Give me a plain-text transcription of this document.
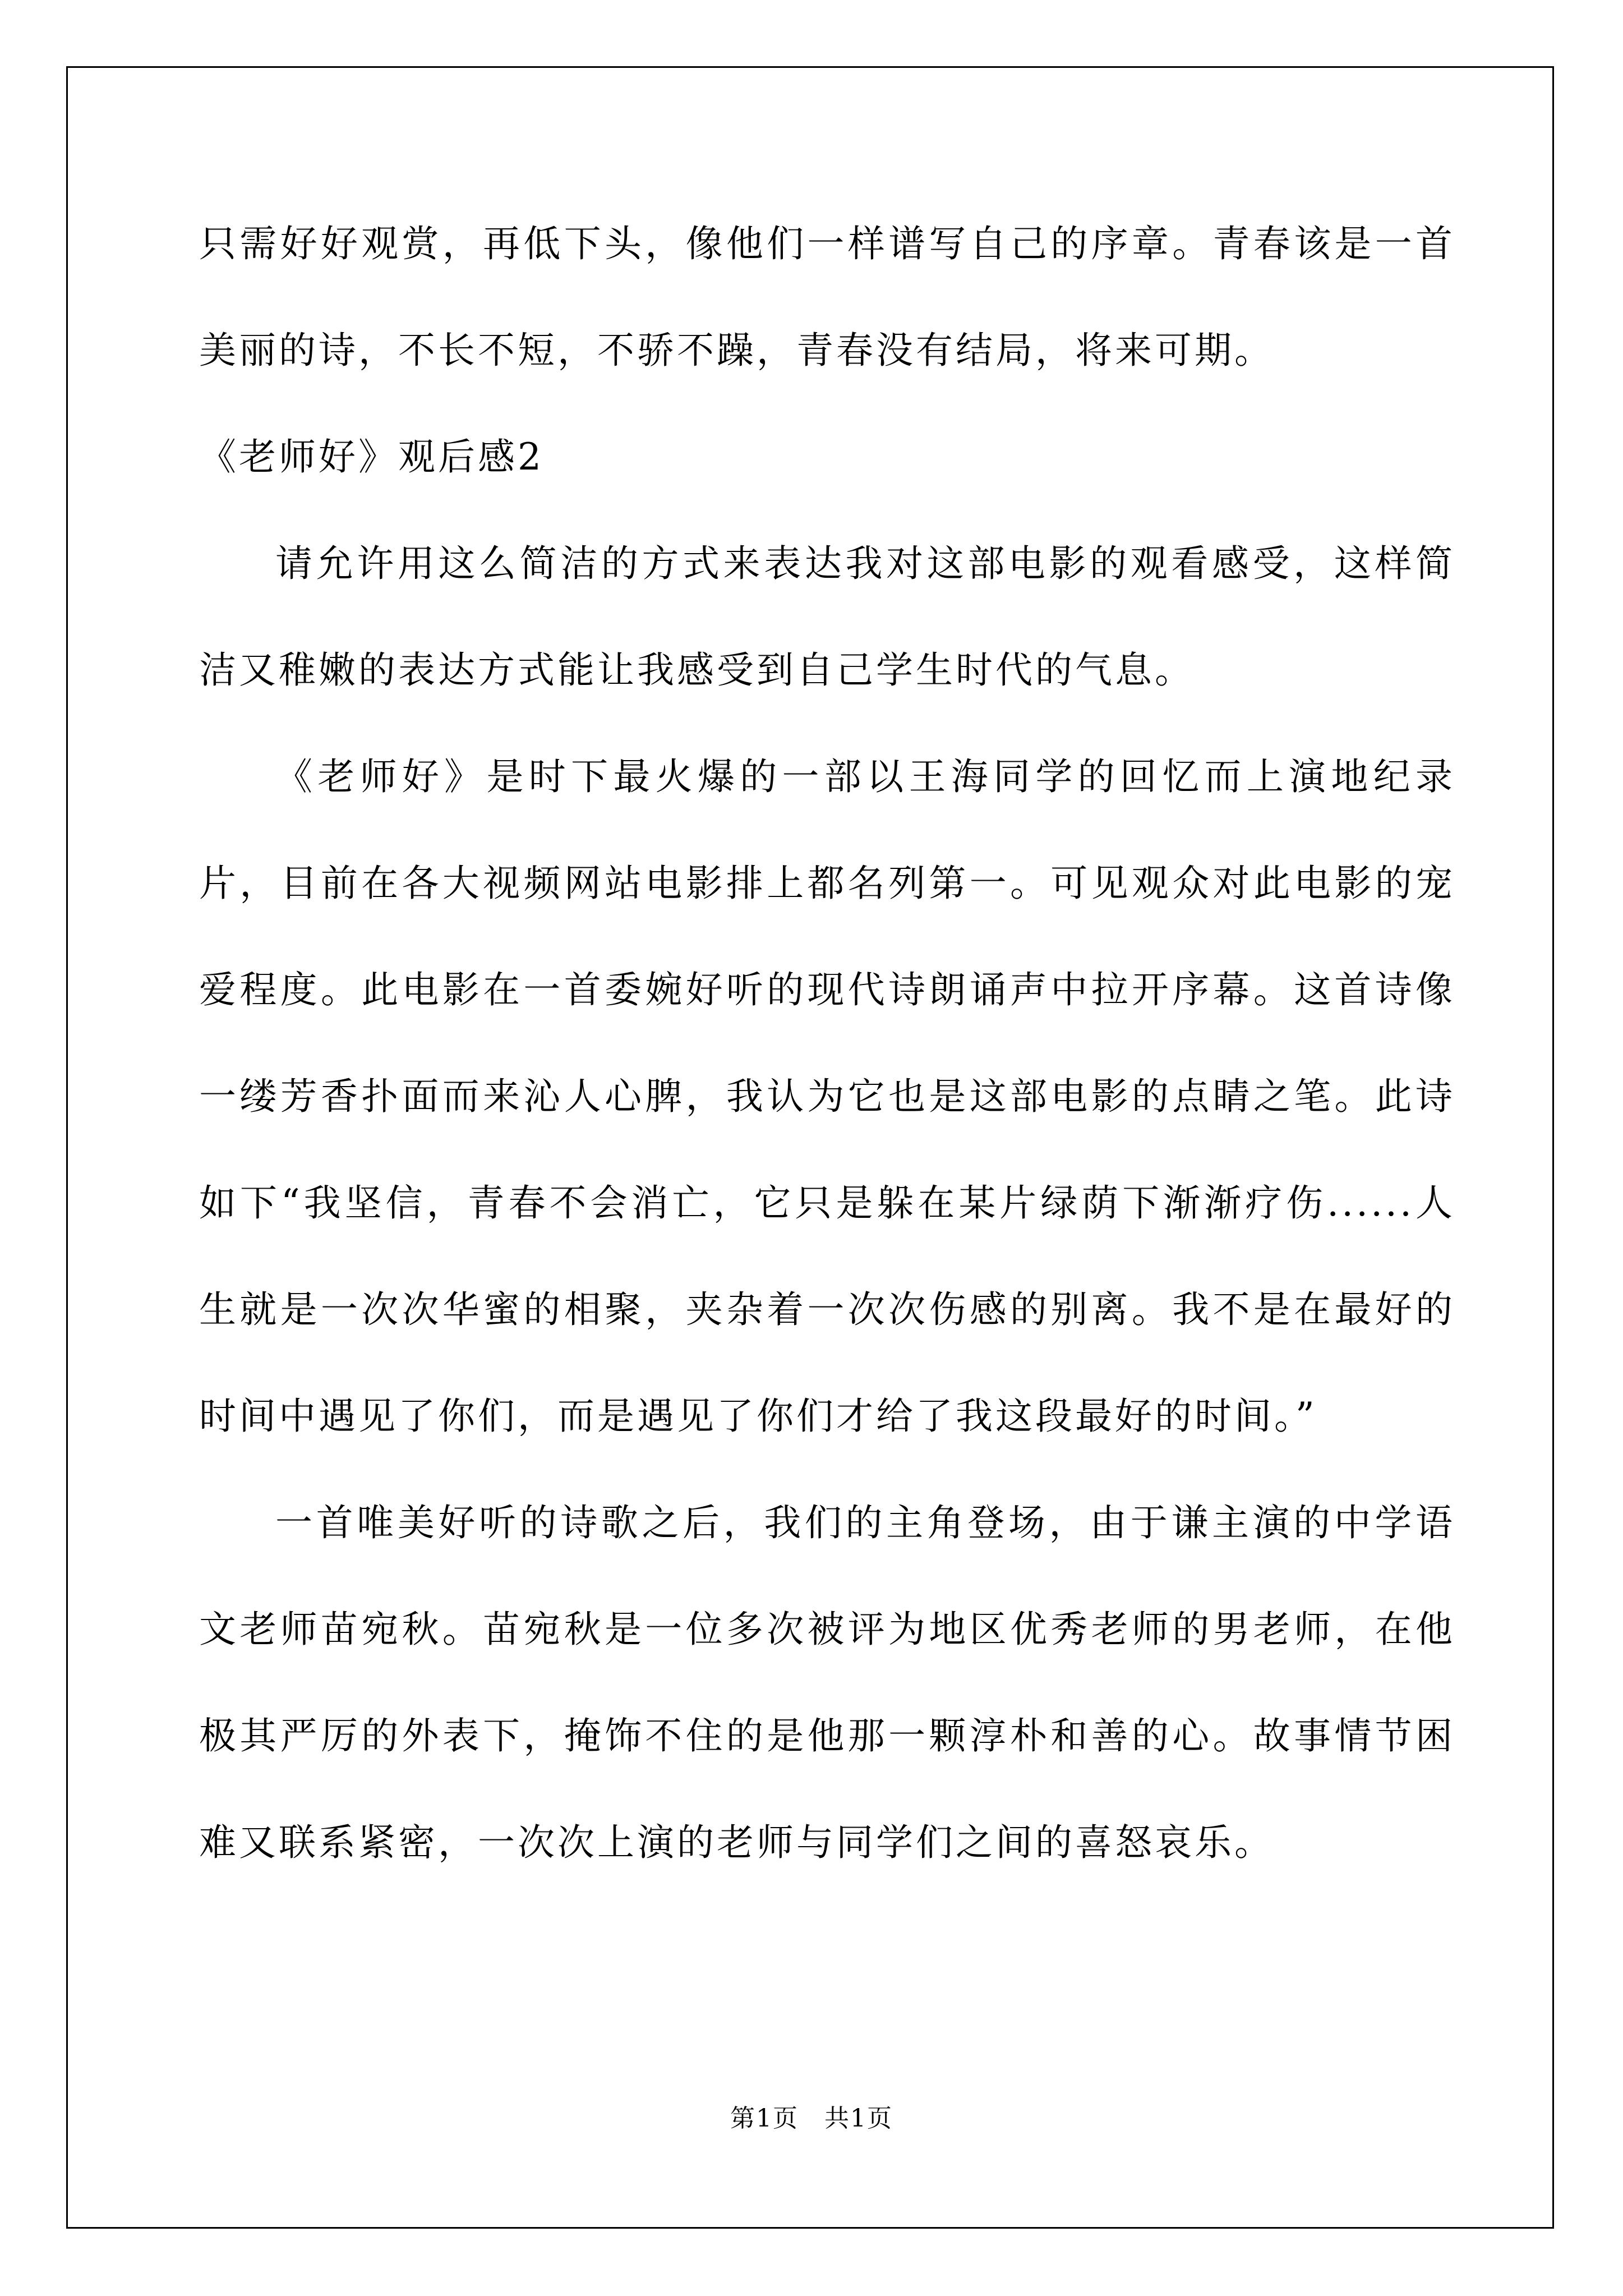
只需好好观赏，再低下头，像他们一样谱写自己的序章。青春该是一首美丽的诗，不长不短，不骄不躁，青春没有结局，将来可期。

《老师好》观后感2

请允许用这么简洁的方式来表达我对这部电影的观看感受，这样简洁又稚嫩的表达方式能让我感受到自己学生时代的气息。

《老师好》是时下最火爆的一部以王海同学的回忆而上演地纪录片，目前在各大视频网站电影排上都名列第一。可见观众对此电影的宠爱程度。此电影在一首委婉好听的现代诗朗诵声中拉开序幕。这首诗像一缕芳香扑面而来沁人心脾，我认为它也是这部电影的点睛之笔。此诗如下“我坚信，青春不会消亡，它只是躲在某片绿荫下渐渐疗伤......人生就是一次次华蜜的相聚，夹杂着一次次伤感的别离。我不是在最好的时间中遇见了你们，而是遇见了你们才给了我这段最好的时间。”

一首唯美好听的诗歌之后，我们的主角登场，由于谦主演的中学语文老师苗宛秋。苗宛秋是一位多次被评为地区优秀老师的男老师，在他极其严厉的外表下，掩饰不住的是他那一颗淳朴和善的心。故事情节困难又联系紧密，一次次上演的老师与同学们之间的喜怒哀乐。

第1页　共1页
